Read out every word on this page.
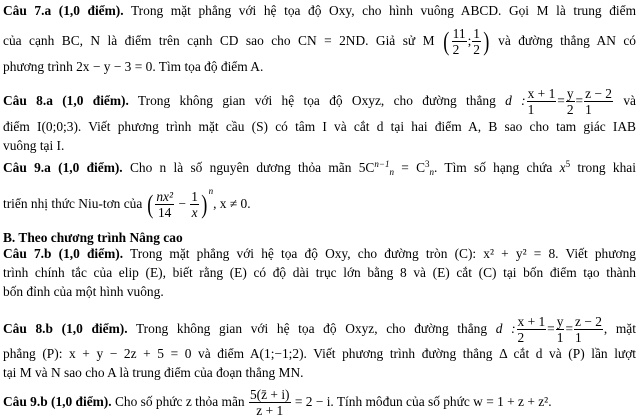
Câu 7.a (1,0 điểm). Trong mặt phẳng với hệ tọa độ Oxy, cho hình vuông ABCD. Gọi M là trung điểm
của cạnh BC, N là điểm trên cạnh CD sao cho CN = 2ND. Giả sử M ( $\frac{11}{2}$ ; $\frac{1}{2}$ ) và đường thẳng AN có
phương trình 2x − y − 3 = 0. Tìm tọa độ điểm A.
Câu 8.a (1,0 điểm). Trong không gian với hệ tọa độ Oxyz, cho đường thẳng d : $\frac{x + 1}{1} = \frac{y}{2} = \frac{z - 2}{1}$ và
điểm I(0;0;3). Viết phương trình mặt cầu (S) có tâm I và cắt d tại hai điểm A, B sao cho tam giác IAB
vuông tại I.
Câu 9.a (1,0 điểm). Cho n là số nguyên dương thỏa mãn $5C^{n-1}_n = C^3_n$. Tìm số hạng chứa $x^5$ trong khai
triển nhị thức Niu-tơn của ( $\frac{\text{nx²}}{14} - \frac{1}{x} )^n$, x ≠ 0.
B. Theo chương trình Nâng cao
Câu 7.b (1,0 điểm). Trong mặt phẳng với hệ tọa độ Oxy, cho đường tròn (C): x² + y² = 8. Viết phương
trình chính tắc của elip (E), biết rằng (E) có độ dài trục lớn bằng 8 và (E) cắt (C) tại bốn điểm tạo thành
bốn đỉnh của một hình vuông.
Câu 8.b (1,0 điểm). Trong không gian với hệ tọa độ Oxyz, cho đường thẳng d : $\frac{x + 1}{2} = \frac{y}{1} = \frac{z - 2}{1}$ , mặt
phẳng (P): x + y − 2z + 5 = 0 và điểm A(1;−1;2). Viết phương trình đường thẳng Δ cắt d và (P) lần lượt
tại M và N sao cho A là trung điểm của đoạn thẳng MN.
Câu 9.b (1,0 điểm). Cho số phức z thỏa mãn $\frac{5(z̄ + i)}{z + 1} = 2 - i$. Tính môđun của số phức w = 1 + z + z².
